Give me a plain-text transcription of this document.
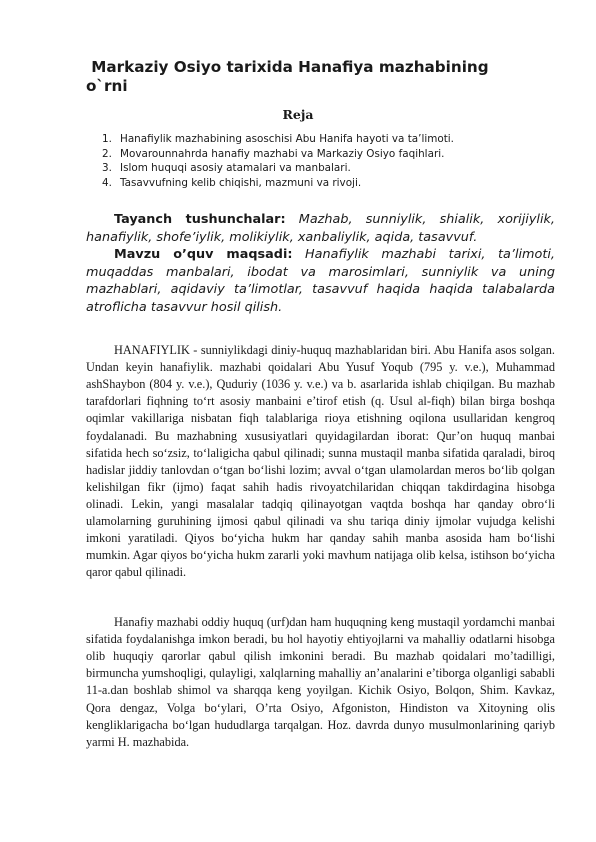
Markaziy Osiyo tarixida Hanafiya mazhabining o`rni
Reja
1. Hanafiylik mazhabining asoschisi Abu Hanifa hayoti va ta’limoti.
2. Movarounnahrda hanafiy mazhabi va Markaziy Osiyo faqihlari.
3. Islom huquqi asosiy atamalari va manbalari.
4. Tasavvufning kelib chiqishi, mazmuni va rivoji.
Tayanch tushunchalar: Mazhab, sunniylik, shialik, xorijiylik, hanafiylik, shofe’iylik, molikiylik, xanbaliylik, aqida, tasavvuf.
Mavzu o’quv maqsadi: Hanafiylik mazhabi tarixi, ta’limoti, muqaddas manbalari, ibodat va marosimlari, sunniylik va uning mazhablari, aqidaviy ta’limotlar, tasavvuf haqida haqida talabalarda atroflicha tasavvur hosil qilish.

HANAFIYLIK - sunniylikdagi diniy-huquq mazhablaridan biri. Abu Hanifa asos solgan. Undan keyin hanafiylik. mazhabi qoidalari Abu Yusuf Yoqub (795 y. v.e.), Muhammad ashShaybon (804 y. v.e.), Quduriy (1036 y. v.e.) va b. asarlarida ishlab chiqilgan. Bu mazhab tarafdorlari fiqhning to‘rt asosiy manbaini e’tirof etish (q. Usul al-fiqh) bilan birga boshqa oqimlar vakillariga nisbatan fiqh talablariga rioya etishning oqilona usullaridan kengroq foydalanadi. Bu mazhabning xususiyatlari quyidagilardan iborat: Qur’on huquq manbai sifatida hech so‘zsiz, to‘laligicha qabul qilinadi; sunna mustaqil manba sifatida qaraladi, biroq hadislar jiddiy tanlovdan o‘tgan bo‘lishi lozim; avval o‘tgan ulamolardan meros bo‘lib qolgan kelishilgan fikr (ijmo) faqat sahih hadis rivoyatchilaridan chiqqan takdirdagina hisobga olinadi. Lekin, yangi masalalar tadqiq qilinayotgan vaqtda boshqa har qanday obro‘li ulamolarning guruhining ijmosi qabul qilinadi va shu tariqa diniy ijmolar vujudga kelishi imkoni yaratiladi. Qiyos bo‘yicha hukm har qanday sahih manba asosida ham bo‘lishi mumkin. Agar qiyos bo‘yicha hukm zararli yoki mavhum natijaga olib kelsa, istihson bo‘yicha qaror qabul qilinadi.

Hanafiy mazhabi oddiy huquq (urf)dan ham huquqning keng mustaqil yordamchi manbai sifatida foydalanishga imkon beradi, bu hol hayotiy ehtiyojlarni va mahalliy odatlarni hisobga olib huquqiy qarorlar qabul qilish imkonini beradi. Bu mazhab qoidalari mo’tadilligi, birmuncha yumshoqligi, qulayligi, xalqlarning mahalliy an’analarini e’tiborga olganligi sababli 11-a.dan boshlab shimol va sharqqa keng yoyilgan. Kichik Osiyo, Bolqon, Shim. Kavkaz, Qora dengaz, Volga bo‘ylari, O’rta Osiyo, Afgoniston, Hindiston va Xitoyning olis kengliklarigacha bo‘lgan hududlarga tarqalgan. Hoz. davrda dunyo musulmonlarining qariyb yarmi H. mazhabida.
